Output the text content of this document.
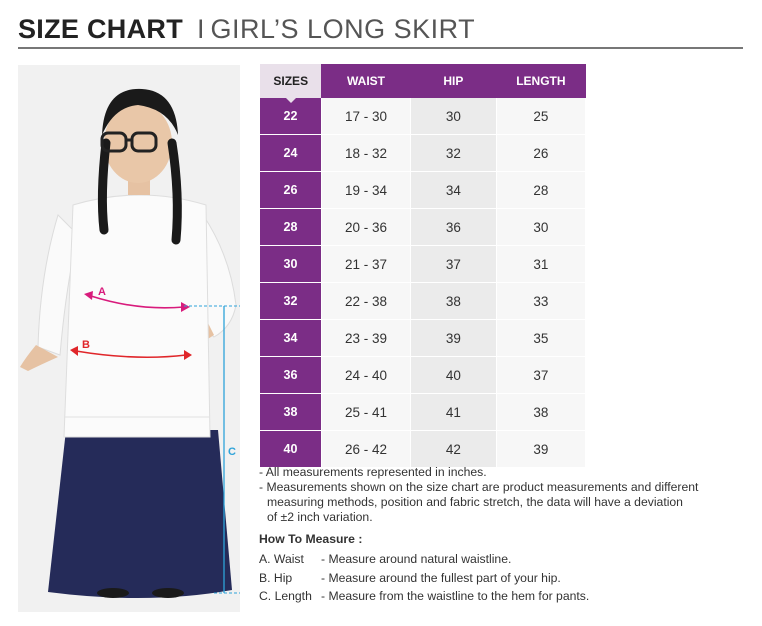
SIZE CHART I GIRL’S LONG SKIRT
A
B
C
SIZES	WAIST	HIP	LENGTH
22	17 - 30	30	25
24	18 - 32	32	26
26	19 - 34	34	28
28	20 - 36	36	30
30	21 - 37	37	31
32	22 - 38	38	33
34	23 - 39	39	35
36	24 - 40	40	37
38	25 - 41	41	38
40	26 - 42	42	39

- All measurements represented in inches.

- Measurements shown on the size chart are product measurements and different

measuring methods, position and fabric stretch, the data will have a deviation

of ±2 inch variation.

How To Measure :
A. Waist	- Measure around natural waistline.
B. Hip	- Measure around the fullest part of your hip.
C. Length - Measure from the waistline to the hem for pants.
